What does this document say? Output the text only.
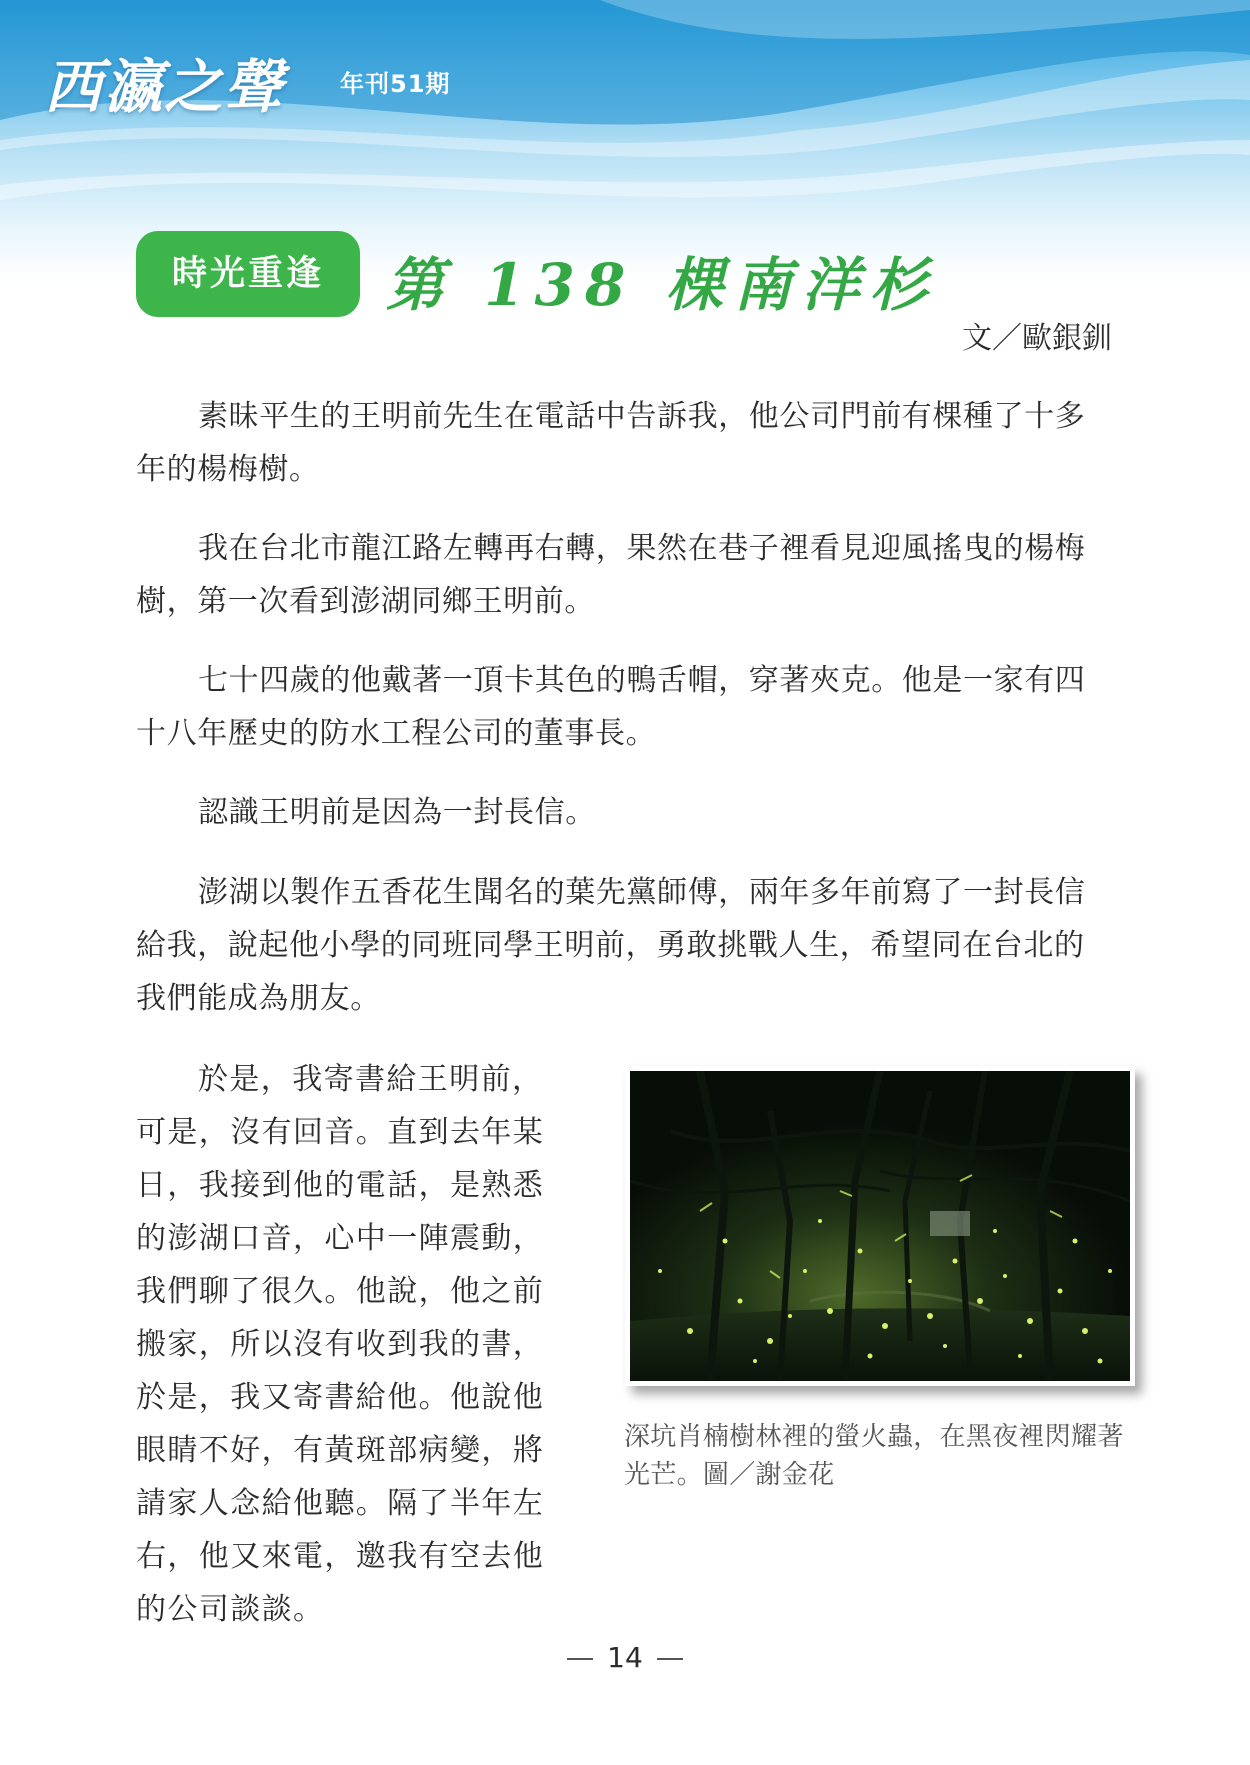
西瀛之聲 年刊51期
時光重逢	第 138 棵南洋杉
文／歐銀釧

素昧平生的王明前先生在電話中告訴我，他公司門前有棵種了十多年的楊梅樹。

我在台北市龍江路左轉再右轉，果然在巷子裡看見迎風搖曳的楊梅樹，第一次看到澎湖同鄉王明前。

七十四歲的他戴著一頂卡其色的鴨舌帽，穿著夾克。他是一家有四十八年歷史的防水工程公司的董事長。

認識王明前是因為一封長信。

澎湖以製作五香花生聞名的葉先黨師傅，兩年多年前寫了一封長信給我，說起他小學的同班同學王明前，勇敢挑戰人生，希望同在台北的我們能成為朋友。

於是，我寄書給王明前，可是，沒有回音。直到去年某日，我接到他的電話，是熟悉的澎湖口音，心中一陣震動，我們聊了很久。他說，他之前搬家，所以沒有收到我的書，於是，我又寄書給他。他說他眼睛不好，有黃斑部病變，將請家人念給他聽。隔了半年左右，他又來電，邀我有空去他的公司談談。

深坑肖楠樹林裡的螢火蟲，在黑夜裡閃耀著光芒。圖／謝金花
14
